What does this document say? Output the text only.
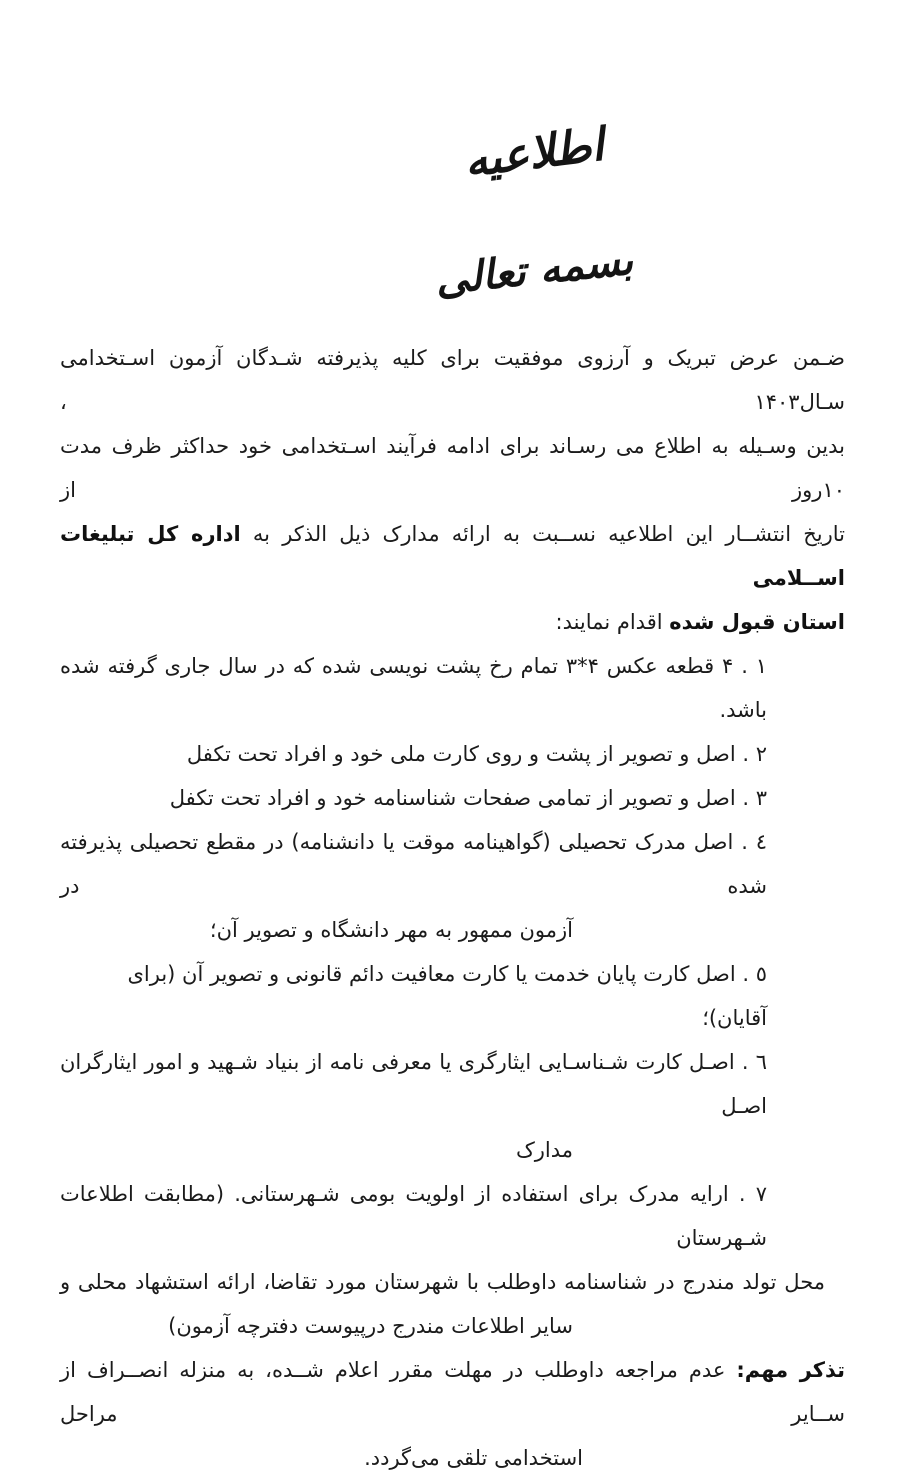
اطلاعیه
بسمه تعالی
ضـمن عرض تبریک و آرزوی موفقیت برای کلیه پذیرفته شـدگان آزمون اسـتخدامی سـال۱۴۰۳ ،
بدین وسـیله به اطلاع می رسـاند برای ادامه فرآیند اسـتخدامی خود حداکثر ظرف مدت ۱۰روز از
تاریخ انتشــار این اطلاعیه نســبت به ارائه مدارک ذیل الذکر به اداره کل تبلیغات اســلامی
استان قبول شده اقدام نمایند:
۱ . ۴ قطعه عکس ۴*۳ تمام رخ پشت نویسی شده که در سال جاری گرفته شده باشد.
۲ . اصل و تصویر از پشت و روی کارت ملی خود و افراد تحت تکفل
۳ . اصل و تصویر از تمامی صفحات شناسنامه خود و افراد تحت تکفل
٤ . اصل مدرک تحصیلی (گواهینامه موقت یا دانشنامه) در مقطع تحصیلی پذیرفته شده در
آزمون ممهور به مهر دانشگاه و تصویر آن؛
٥ . اصل کارت پایان خدمت یا کارت معافیت دائم قانونی و تصویر آن (برای آقایان)؛
٦ . اصـل کارت شـناسـایی ایثارگری یا معرفی نامه از بنیاد شـهید و امور ایثارگران اصـل
مدارک
۷ . ارایه مدرک برای استفاده از اولویت بومی شـهرستانی. (مطابقت اطلاعات شـهرستان
محل تولد مندرج در شناسنامه داوطلب با شهرستان مورد تقاضا، ارائه استشهاد محلی و
سایر اطلاعات مندرج درپیوست دفترچه آزمون)
تذکر مهم: عدم مراجعه داوطلب در مهلت مقرر اعلام شــده، به منزله انصــراف از ســایر مراحل
استخدامی تلقی می‌گردد.
